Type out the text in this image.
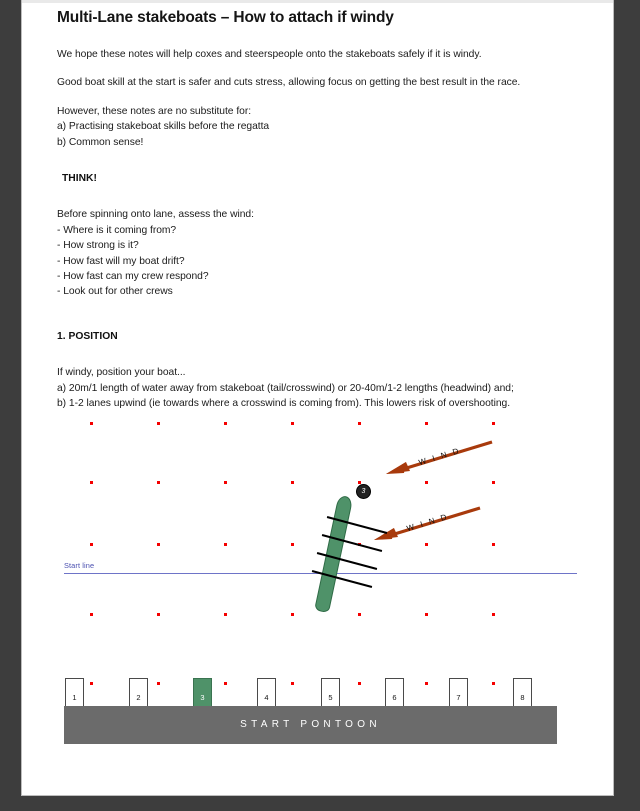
Multi-Lane stakeboats – How to attach if windy

We hope these notes will help coxes and steerspeople onto the stakeboats safely if it is windy.

Good boat skill at the start is safer and cuts stress, allowing focus on getting the best result in the race.

However, these notes are no substitute for:

a) Practising stakeboat skills before the regatta

b) Common sense!

THINK!

Before spinning onto lane, assess the wind:

- Where is it coming from?

- How strong is it?

- How fast will my boat drift?

- How fast can my crew respond?

- Look out for other crews

1. POSITION

If windy, position your boat...

a) 20m/1 length of water away from stakeboat (tail/crosswind) or 20-40m/1-2 lengths (headwind) and;

b) 1-2 lanes upwind (ie towards where a crosswind is coming from). This lowers risk of overshooting.

Start line
W I N D
W I N D
3
1	2	3	4	5	6	7	8
START PONTOON
